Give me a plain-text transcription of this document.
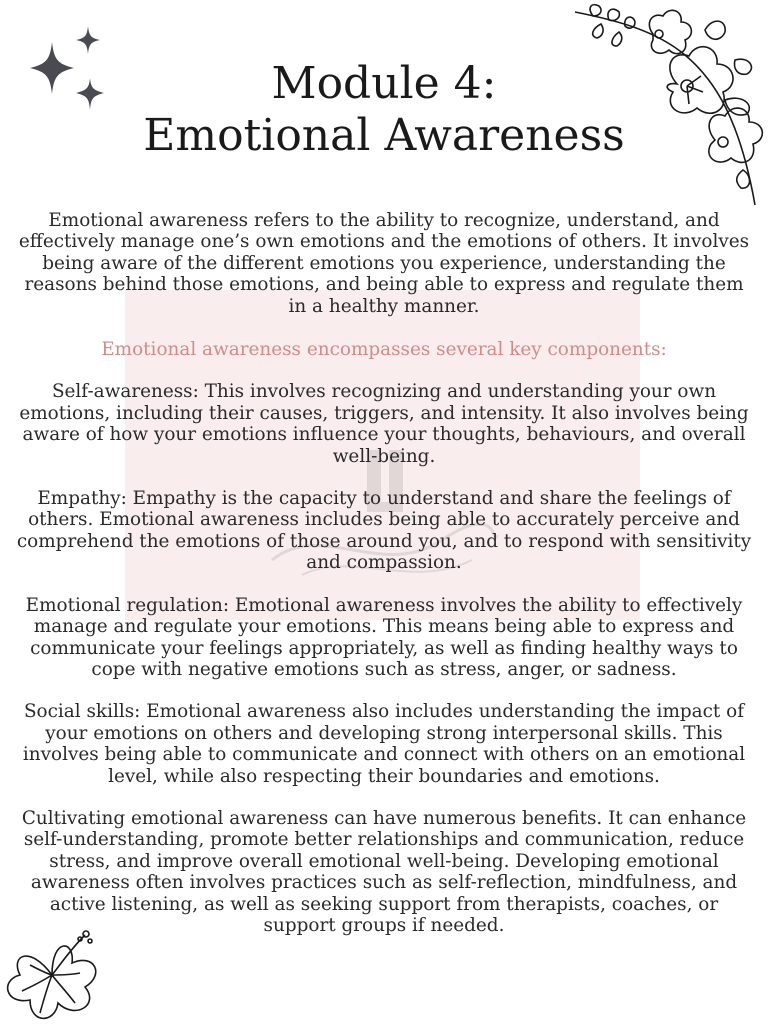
Module 4:
Emotional Awareness

Emotional awareness refers to the ability to recognize, understand, and effectively manage one’s own emotions and the emotions of others. It involves being aware of the different emotions you experience, understanding the reasons behind those emotions, and being able to express and regulate them in a healthy manner.

Emotional awareness encompasses several key components:

Self-awareness: This involves recognizing and understanding your own emotions, including their causes, triggers, and intensity. It also involves being aware of how your emotions influence your thoughts, behaviours, and overall well-being.

Empathy: Empathy is the capacity to understand and share the feelings of others. Emotional awareness includes being able to accurately perceive and comprehend the emotions of those around you, and to respond with sensitivity and compassion.

Emotional regulation: Emotional awareness involves the ability to effectively manage and regulate your emotions. This means being able to express and communicate your feelings appropriately, as well as finding healthy ways to cope with negative emotions such as stress, anger, or sadness.

Social skills: Emotional awareness also includes understanding the impact of your emotions on others and developing strong interpersonal skills. This involves being able to communicate and connect with others on an emotional level, while also respecting their boundaries and emotions.

Cultivating emotional awareness can have numerous benefits. It can enhance self-understanding, promote better relationships and communication, reduce stress, and improve overall emotional well-being. Developing emotional awareness often involves practices such as self-reflection, mindfulness, and active listening, as well as seeking support from therapists, coaches, or support groups if needed.
